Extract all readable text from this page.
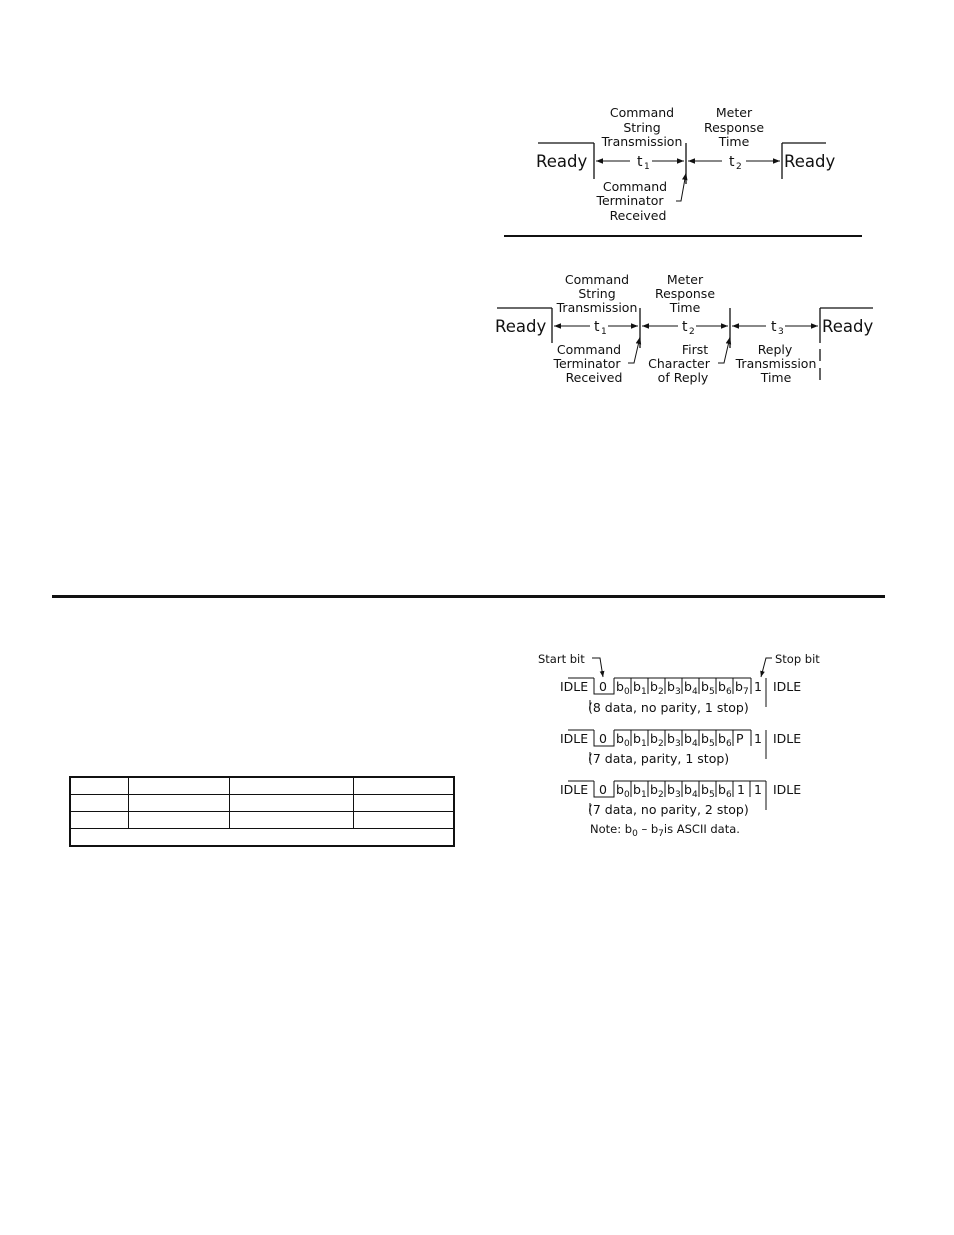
Command
String
Transmission
Meter
Response
Time
Ready	Ready
t 1	t 2
Command
Terminator
Received
Command
String
Transmission
Meter
Response
Time
Ready	Ready
t 1	t 2	t 3
Command
Terminator
Received
First
Character
of Reply
Reply
Transmission
Time

Start bit	Stop bit
IDLE 0 $b_0$ $b_1$ $b_2$ $b_3$ $b_4$ $b_5$ $b_6$ $b_7$ 1 IDLE
(8 data, no parity, 1 stop)
IDLE 0 $b_0$ $b_1$ $b_2$ $b_3$ $b_4$ $b_5$ $b_6$ P 1 IDLE
(7 data, parity, 1 stop)
IDLE 0 $b_0$ $b_1$ $b_2$ $b_3$ $b_4$ $b_5$ $b_6$ 1 1 IDLE
(7 data, no parity, 2 stop)
Note: $b_0 - b_7is$ ASCII data.
